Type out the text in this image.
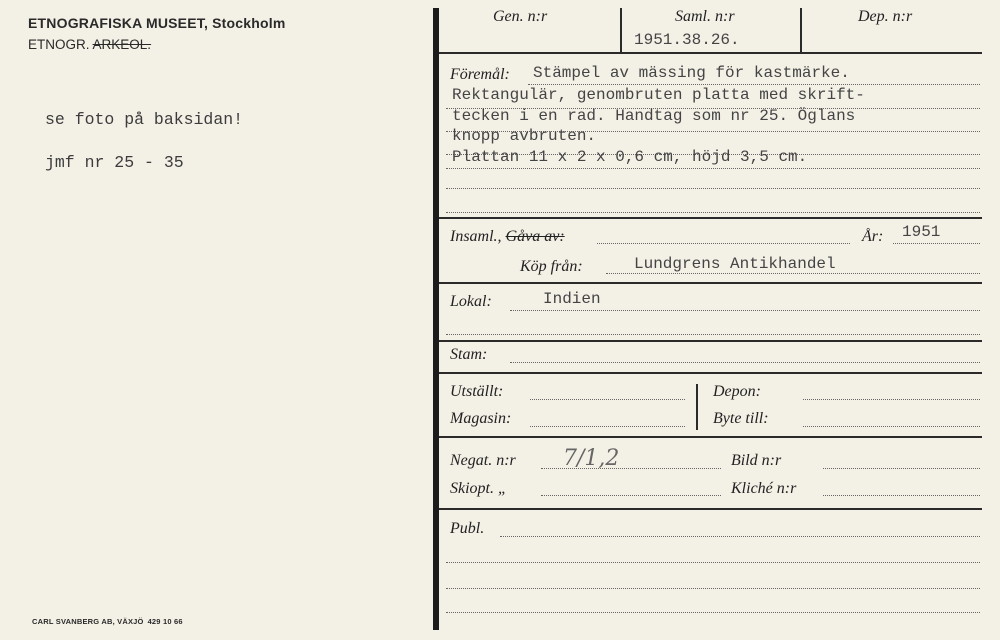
ETNOGRAFISKA MUSEET, Stockholm
ETNOGR. ARKEOL.
se foto på baksidan!
jmf nr 25 - 35
CARL SVANBERG AB, VÄXJÖ 429 10 66
Gen. n:r	Saml. n:r
1951.38.26.
Dep. n:r
Föremål: Stämpel av mässing för kastmärke.
Rektangulär, genombruten platta med skrift-
tecken i en rad. Handtag som nr 25. Öglans
knopp avbruten.
Plattan 11 x 2 x 0,6 cm, höjd 3,5 cm.
Insaml., Gåva av:	År: 1951
Köp från:	Lundgrens Antikhandel
Lokal:	Indien
Stam:
Utställt:
Magasin:
Depon:
Byte till:
Negat. n:r 7/1,2	Bild n:r
Skiopt. „	Kliché n:r
Publ.
